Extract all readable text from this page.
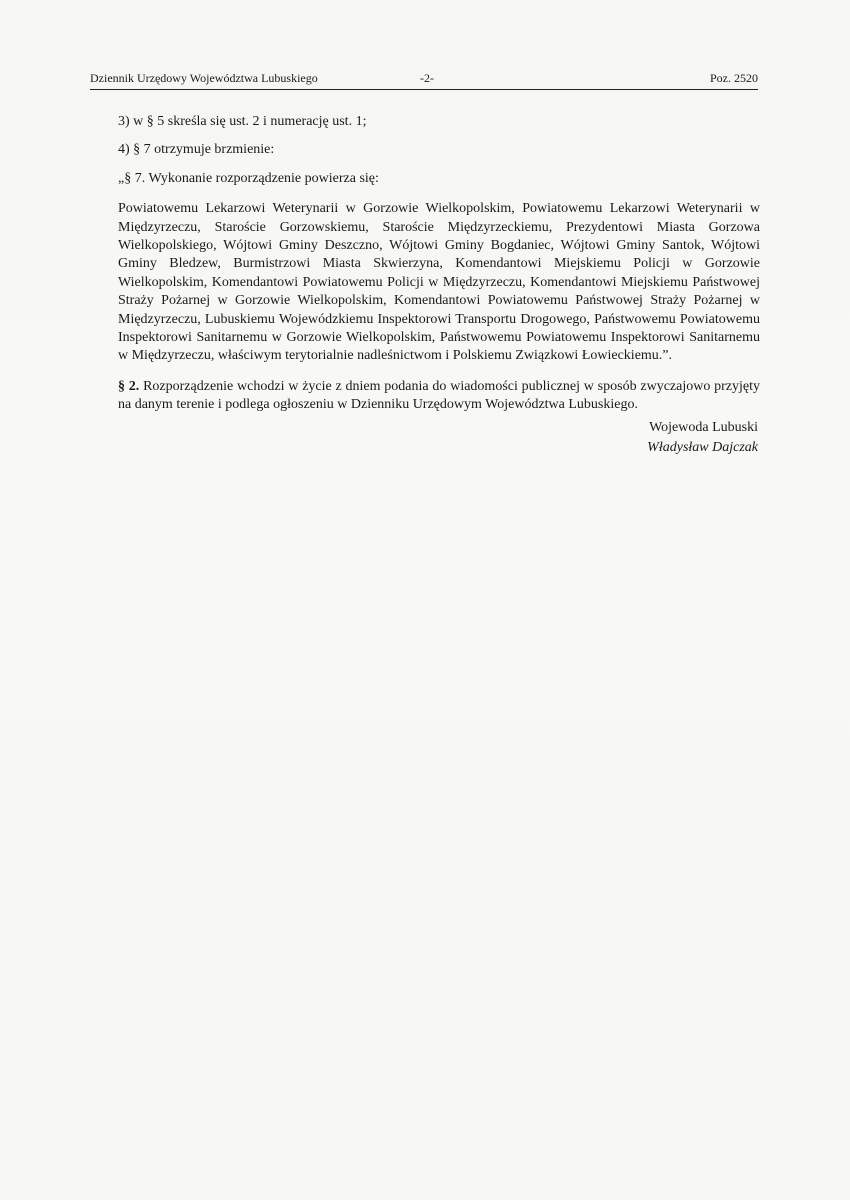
Dziennik Urzędowy Województwa Lubuskiego	-2-	Poz. 2520

3) w § 5 skreśla się ust. 2 i numerację ust. 1;

4) § 7 otrzymuje brzmienie:

„§ 7. Wykonanie rozporządzenie powierza się:

Powiatowemu Lekarzowi Weterynarii w Gorzowie Wielkopolskim, Powiatowemu Lekarzowi Weterynarii w Międzyrzeczu, Staroście Gorzowskiemu, Staroście Międzyrzeckiemu, Prezydentowi Miasta Gorzowa Wielkopolskiego, Wójtowi Gminy Deszczno, Wójtowi Gminy Bogdaniec, Wójtowi Gminy Santok, Wójtowi Gminy Bledzew, Burmistrzowi Miasta Skwierzyna, Komendantowi Miejskiemu Policji w Gorzowie Wielkopolskim, Komendantowi Powiatowemu Policji w Międzyrzeczu, Komendantowi Miejskiemu Państwowej Straży Pożarnej w Gorzowie Wielkopolskim, Komendantowi Powiatowemu Państwowej Straży Pożarnej w Międzyrzeczu, Lubuskiemu Wojewódzkiemu Inspektorowi Transportu Drogowego, Państwowemu Powiatowemu Inspektorowi Sanitarnemu w Gorzowie Wielkopolskim, Państwowemu Powiatowemu Inspektorowi Sanitarnemu w Międzyrzeczu, właściwym terytorialnie nadleśnictwom i Polskiemu Związkowi Łowieckiemu.”.

§ 2. Rozporządzenie wchodzi w życie z dniem podania do wiadomości publicznej w sposób zwyczajowo przyjęty na danym terenie i podlega ogłoszeniu w Dzienniku Urzędowym Województwa Lubuskiego.

Wojewoda Lubuski
Władysław Dajczak
